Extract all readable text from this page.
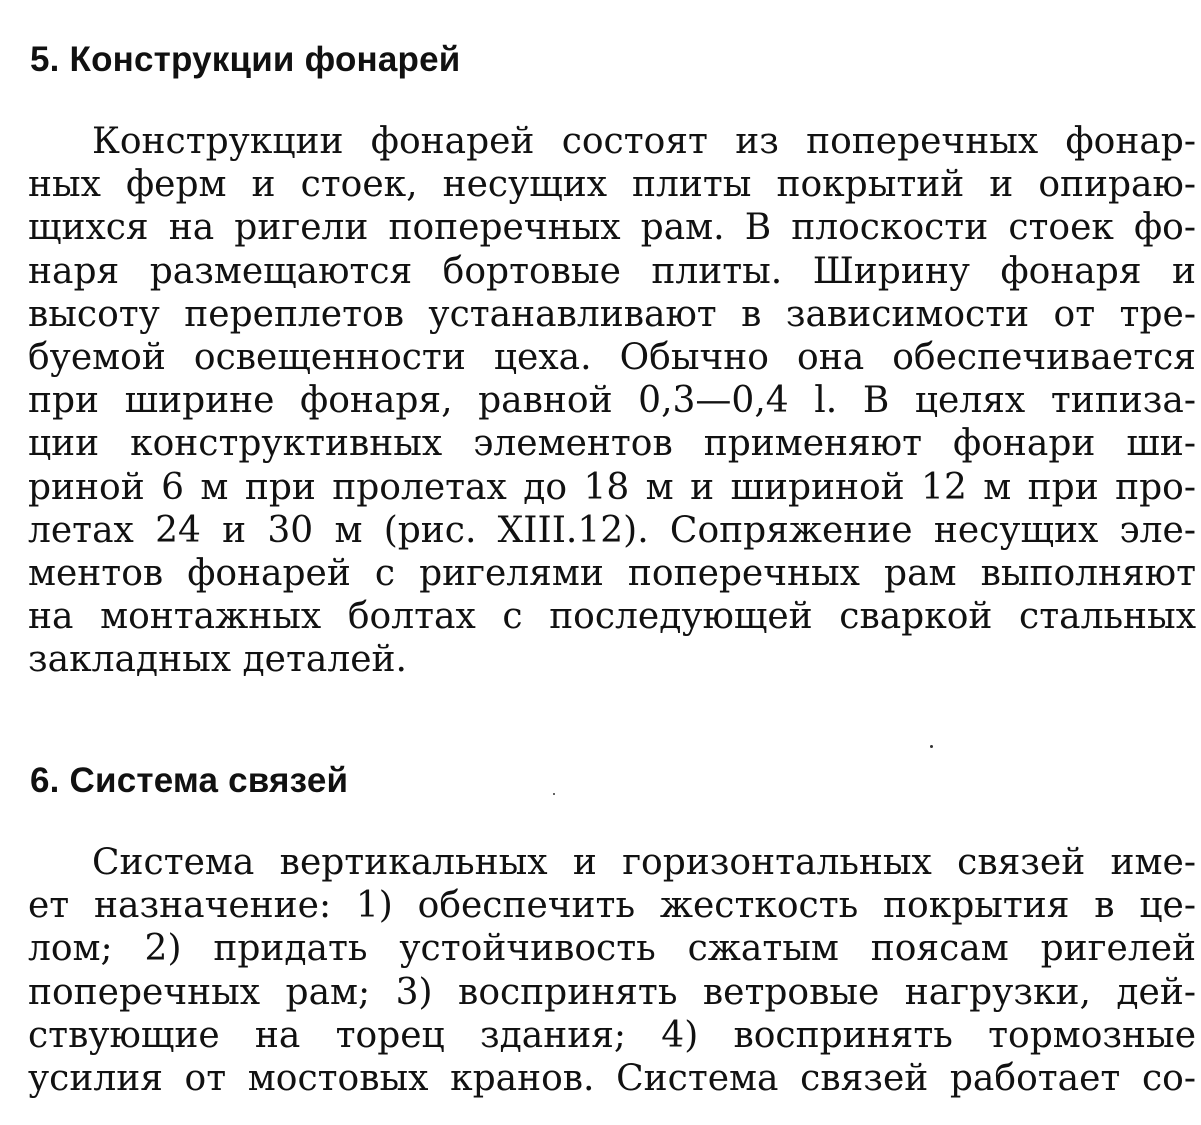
5. Конструкции фонарей
Конструкции фонарей состоят из поперечных фонар-
ных ферм и стоек, несущих плиты покрытий и опираю-
щихся на ригели поперечных рам. В плоскости стоек фо-
наря размещаются бортовые плиты. Ширину фонаря и
высоту переплетов устанавливают в зависимости от тре-
буемой освещенности цеха. Обычно она обеспечивается
при ширине фонаря, равной 0,3—0,4 l. В целях типиза-
ции конструктивных элементов применяют фонари ши-
риной 6 м при пролетах до 18 м и шириной 12 м при про-
летах 24 и 30 м (рис. XIII.12). Сопряжение несущих эле-
ментов фонарей с ригелями поперечных рам выполняют
на монтажных болтах с последующей сваркой стальных
закладных деталей.
6. Система связей
Система вертикальных и горизонтальных связей име-
ет назначение: 1) обеспечить жесткость покрытия в це-
лом; 2) придать устойчивость сжатым поясам ригелей
поперечных рам; 3) воспринять ветровые нагрузки, дей-
ствующие на торец здания; 4) воспринять тормозные
усилия от мостовых кранов. Система связей работает со-
